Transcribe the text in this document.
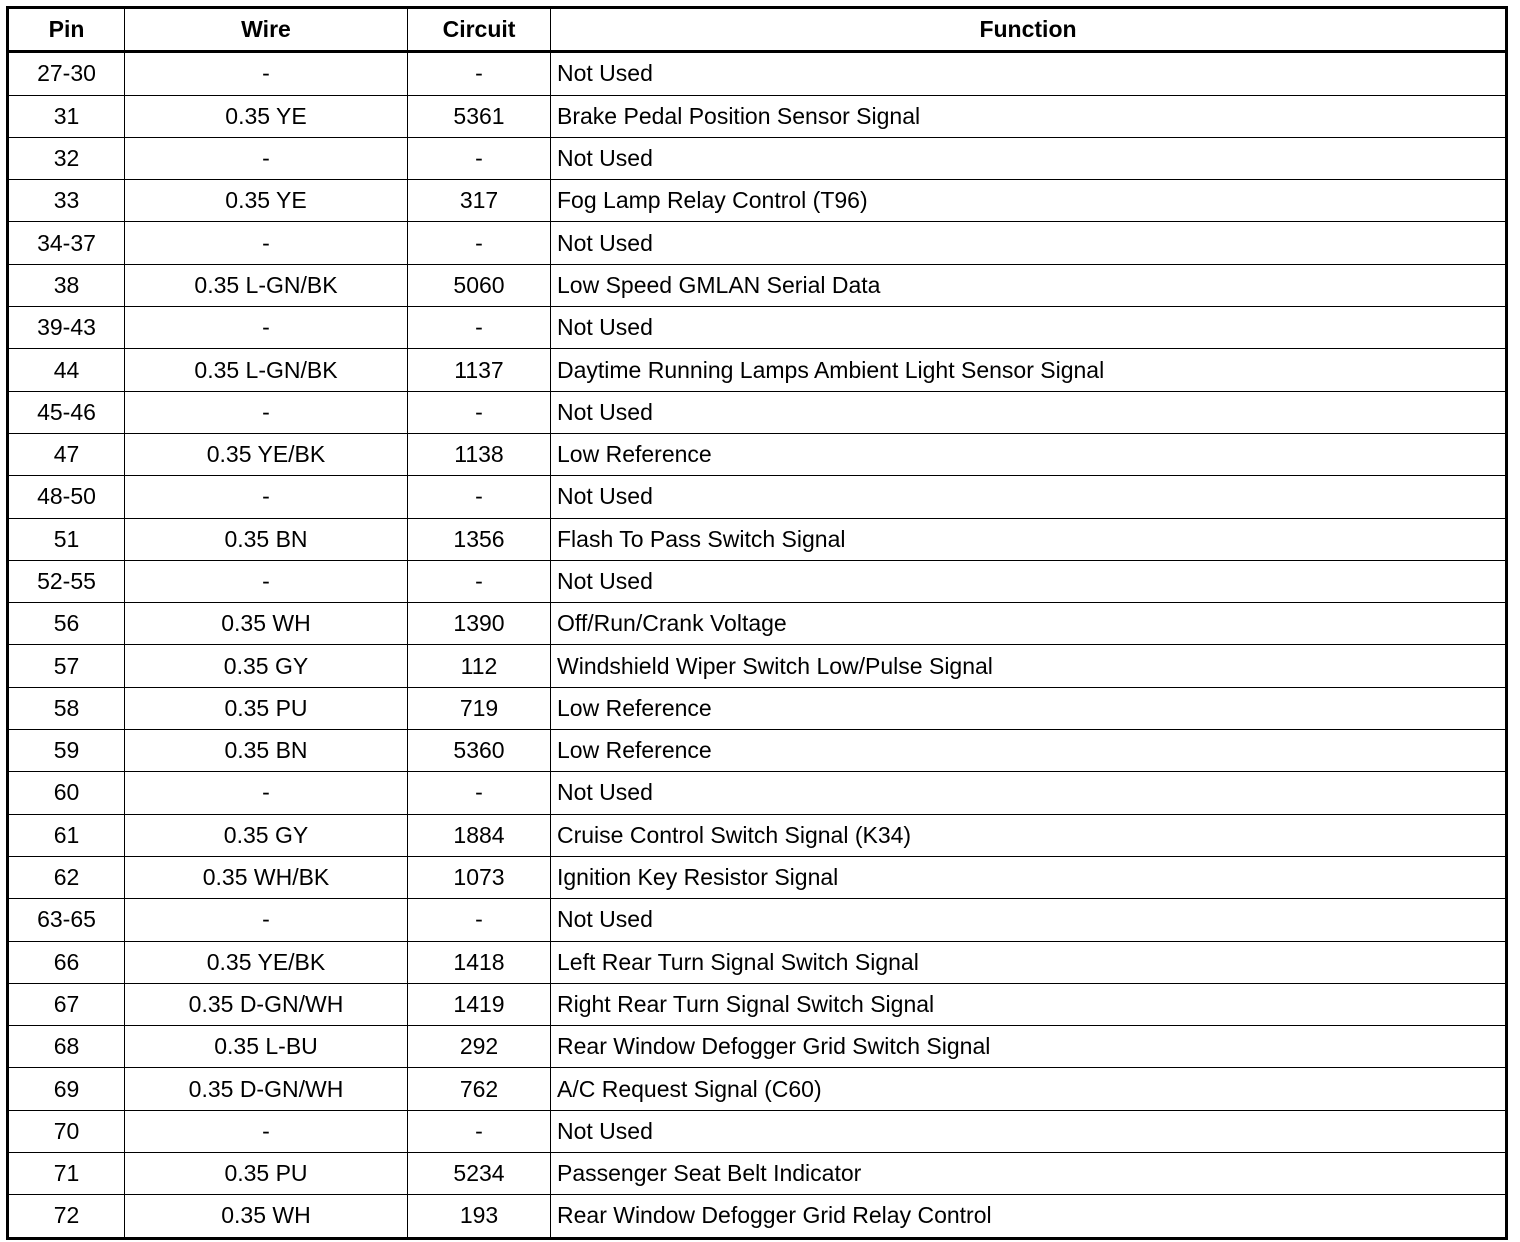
Pin	Wire	Circuit	Function
27-30	-	-	Not Used
31	0.35 YE	5361	Brake Pedal Position Sensor Signal
32	-	-	Not Used
33	0.35 YE	317	Fog Lamp Relay Control (T96)
34-37	-	-	Not Used
38	0.35 L-GN/BK	5060	Low Speed GMLAN Serial Data
39-43	-	-	Not Used
44	0.35 L-GN/BK	1137	Daytime Running Lamps Ambient Light Sensor Signal
45-46	-	-	Not Used
47	0.35 YE/BK	1138	Low Reference
48-50	-	-	Not Used
51	0.35 BN	1356	Flash To Pass Switch Signal
52-55	-	-	Not Used
56	0.35 WH	1390	Off/Run/Crank Voltage
57	0.35 GY	112	Windshield Wiper Switch Low/Pulse Signal
58	0.35 PU	719	Low Reference
59	0.35 BN	5360	Low Reference
60	-	-	Not Used
61	0.35 GY	1884	Cruise Control Switch Signal (K34)
62	0.35 WH/BK	1073	Ignition Key Resistor Signal
63-65	-	-	Not Used
66	0.35 YE/BK	1418	Left Rear Turn Signal Switch Signal
67	0.35 D-GN/WH	1419	Right Rear Turn Signal Switch Signal
68	0.35 L-BU	292	Rear Window Defogger Grid Switch Signal
69	0.35 D-GN/WH	762	A/C Request Signal (C60)
70	-	-	Not Used
71	0.35 PU	5234	Passenger Seat Belt Indicator
72	0.35 WH	193	Rear Window Defogger Grid Relay Control
